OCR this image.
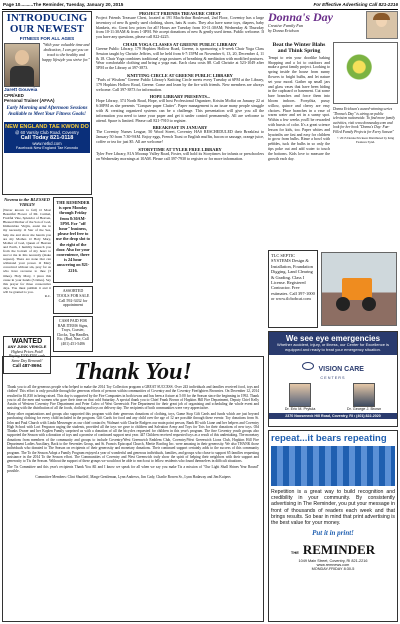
Page 10..........The Reminder, Tuesday, January 20, 2015	For Effective Advertising Call 821-2216
INTRODUCING
OUR NEWEST
FITNESS FOR ALL AGES
"With your valuable time and dedication, I can get you on track to the healthy and happy lifestyle you strive for."
Jarett Gouveia
CPR/AED
Personal Trainer (AFAA)
Early Morning and Afternoon Sessions Available to Meet Your Fitness Goals!
NEW ENGLAND TAE KWON DO
@ 60 Varsity Club Road, Coventry
Call Today 821-0118
www.netkd.com
Facebook New England Tae Kwondo
Novena to the BLESSED VIRGIN
(Never known to fail) O Most Beautiful Flower of Mt. Carmel, Fruitful Vine, Splendor of Heaven, Blessed Mother of the Son of God, Immaculate Virgin, assist me in my necessity. O Star of the Sea, help me and show me herein you are my Mother. O Holy Mary, Mother of God, Queen of Heaven and Earth, I humbly beseech you from the bottom of my heart to succor me in this necessity (make request). There are none that can withstand your power. O Mary conceived without sin, pray for us who have recourse to thee (3 times). Holy Mary, I place this cause in your hands (3 times). Say this prayer for three consecutive days. You must publish it and it will be granted to you.
R.C.
THE REMINDER is open Monday through Friday from 8:30AM-5PM. For "off hour" business, please feel free to use the drop slot to the right of the door. Also for your convenience, there is 24 hour answering on 821-2216.
ASSORTED TOOLS FOR SALE Call 592-3432 for appointment
CASH PAID FOR BAR ITEMS Signs, Trays, Coaster, Clocks, Tap Handles, Etc. (Bud, Narr, Call (401) 451-5486
WANTED
ANY JUNK VEHICLE
Highest Prices Paid!
Paying $200-$300 cash
Same Day Removal!
Call 487-8694
PROJECT FRIENDS TREASURE CHEST

Project Friends Treasure Chest, located at 191 MacArthur Boulevard, 2nd Floor, Coventry has a large inventory of new & gently used clothing, shoes, hats & coats. They also have some toys, diapers, baby blankets, etc. Great low prices for all! Hours are Tuesday from 10-11:30AM; Wednesday & Thursday from 10-11:30AM & from 1-3PM. We accept donations of new & gently used items. Public welcome. If you have any questions, please call 822-4225.

CHAIR YOGA CLASSES AT GREENE PUBLIC LIBRARY

Greene Public Library, 179 Hopkins Hollow Road, Greene, is sponsoring a 6-week Chair Yoga Class Session taught by Christie Jeffries, will be held from 6-7:15PM on November 6, 13, 20, December 4, 11 & 18. Chair Yoga combines traditional yoga postures of breathing & meditation with modified postures. Wear comfortable clothing and bring a yoga mat. Each class costs $8. Call Christie at 523-1049 after 5PM or the Library at 397-3873.

KNITTING CIRCLE AT GREENE PUBLIC LIBRARY

"Purls of Wisdom" Greene Public Library's Knitting Circle meets every Tuesday at 6PM at the Library, 179 Hopkins Hollow Road, Greene. Come and learn by the fire with friends. New members are always welcome. Call 397-3873 for information.

HOPE LIBRARY PRESENTS...

Hope Library, 374 North Road, Hope, will host Professional Organizer, Kristin Moffat on January 22 at 6:30PM as she presents "Conquer paper Clutter". Paper management is an issue many people struggle with & creating organized systems can be a challenge. This presentation will give you all the information you need to tame your paper and get it under control permanently. All are welcome to attend. Space is limited. Please call 821-7910 to register.

BREAKFAST IN JANUARY

The Coventry Nurses League, 50 Wood Street, Coventry HAS RESCHEDULED their Breakfast to January 50 from 7:30-9AM. Enjoy eggs, French Toast or English muffin, bacon or sausage, orange juice, coffee or tea for just $5. All are welcome!

STORYTIME AT TYLER FREE LIBRARY

Tyler Free Library, 81A Moosup Valley Road, Foster, will hold its Storytimes for infants or preschoolers on Wednesday mornings at 10AM. Please call 397-7930 to register or for more information.

Donna's Day
Creative Family Fun
by Donna Erickson
Beat the Winter Blahs and Think Spring
Tempt to rein your doorlike baking Shopping and a lot to outdoors and make a great family project. Looking to spring inside the house from sunny flowers to bright bulbs, and let nature set your mood. Gather up small jars and glass vases that have been hiding in the cupboard or basement. Cut some bare branches and force them into bloom indoors. Forsythia, pussy willow, quince and cherry are easy choices. Place branches in a vase of warm water and set in a sunny spot. Within a few weeks you'll be rewarded with bursts of color. It's a great science lesson for kids, too. Paper whites and hyacinths are fast and easy for children to grow from bulbs. Rinse a bowl with pebbles, tuck the bulbs in so only the tips poke out and add water to touch the bottoms. Kids love to measure the growth each day.
Donna Erickson's award-winning series "Donna's Day" is airing on public television nationwide. To find more family activities, visit www.donnasday.com and look for her book "Donna's Day: Fun-Filled Family Projects for Every Season"
© 2015 Donna Erickson Distributed by King Features Synd.
TLC SEPTIC SYSTEMS Design & Installation, Foundation Digging, Land Clearing & Grading. Class I License. Registered Contractor. Free estimates. Call 397-1000 or www.tlcbobcat.com
Thank You!

Thank you to all the generous people who helped to make the 2014 Toy Collection program a GREAT SUCCESS. Over 243 individuals and families received food, toys and clothes! This effort is only possible through the generous efforts of persons within communities of Coventry and the Coventry Firefighters Brownies. On December 12, 2014 resulted in $1,830 in being raised. This day is supported by the Fire Companies in both towns and has been a fixture at 5:00 for the Season since the beginning in 1992. Thank you to all the men and women who gave their time on that cold Saturday. A special thank you to Chief Frank Brown of Hopkins Hill Fire Department, Deputy Chief Kelly Austin of Western Coventry Fire Department and Peter Calvo of West Greenwich Fire Department for their great job of organizing and scheduling the whole event and assisting with the distribution of all the foods, clothing and toys on delivery day. The recipients of both communities were very appreciative.

Many other organizations and groups also supported this program with their generous donations of clothing, toys, Game Stop Gift Cards and funds which are just beyond purchasing clothing for every child included in the program. Gift Cards for food and any child over the age of 12 are possible through these events: Toy donations from St. John and Paul Church with Linda Messenger as our chief contact'er, Walmart with Charlie Rodgers our main point person, Bank RI with Liane and her helpers and Coventry High School with Lori Ferguson urging the students, provided all the toys we gave to children and Salvation Army and Toys for Tots for their donations of new toys. Old Thanks Owner and her Koplen Family surprised us with a donation of all the bicycles requested for children in this year's program. The fine Coventry youth groups also supported the Season with a donation of toys and a promise of continued support next year. 447 Children received requested toys as a result of this undertaking. The monetary donations from members of the community and groups to include Coventry/West Greenwich Emblem Club, Coventry/West Greenwich Lions Club, Hopkins Hill Fire Department Ladies Auxiliary, Back to the Seventies Group, and St. Francis Episcopal Church, Mertie Roofing Inc. were amazing in their generosity. We also THANK those individuals who donated to The Season on recipients of their generosity and monetary donations. Their continued support certainly adds to the success of this community program. The To the Season Adopt a Family Program enjoyed a year of wonderful and generous individuals, families, and groups who chose to support 65 families requesting assistance in the 2014 To the Season effort. The Communities of Coventry and West Greenwich truly show the spirit of helping their neighbors with their support and generosity to Tis the Season. Without the support of these groups we would not be able to reach out to fellow residents who found themselves in difficult situations.

The Tis Committee and this year's recipients Thank You All and I know we speak for all when we say you make Tis a mission of "Our Light Shall Shines Year Round" possible.

Committee Members: Clint Shurtleff, Marge Gentleman, Lynn Andrews, Jim Cady, Charlie Bowen Sr., Lynn Hadaway and Jim Kuipers

We see eye emergencies
Whether accident, injury, or illness, our Center for Excellence is equipped and ready to treat your emergency situation.
VISION CARE
CENTERS
Dr. Eric M. Prytula	Dr. George J. Brown
2370 Nooseneck Hill Road, Coventry, RI • (401) 822-2020
repeat...it bears repeating
Repetition is a great way to build recognition and credibility in your community. By consistently advertising in The Reminder, you put your message in front of thousands of readers each week and that brings results. So bear in mind that print advertising is the best value for your money.
Put it in print!
THE REMINDER
1049 Main Street, Coventry, RI 821-2216
www.remnews.com
MONDAY-FRIDAY 8:30-5
